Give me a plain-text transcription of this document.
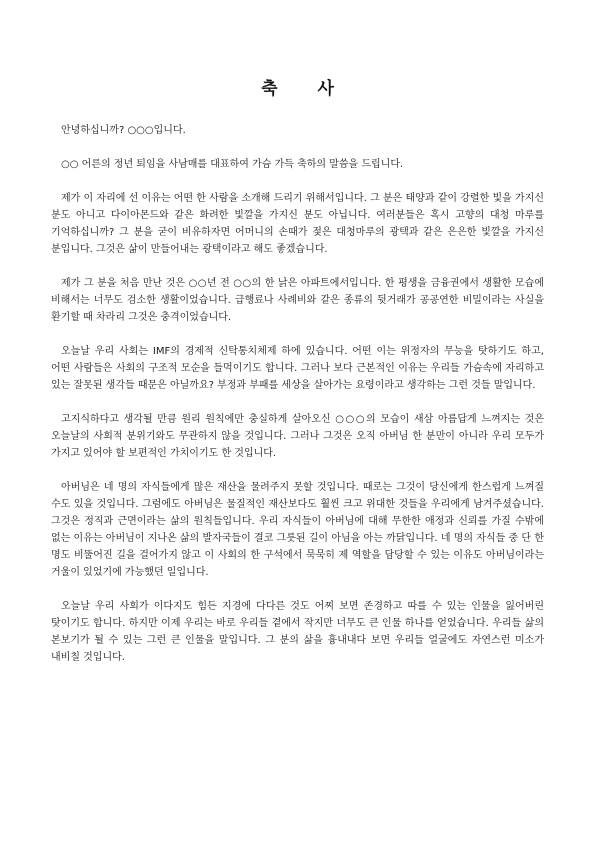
축 사

안녕하십니까? ○○○입니다.

○○ 어른의 정년 퇴임을 사남매를 대표하여 가슴 가득 축하의 말씀을 드립니다.

제가 이 자리에 선 이유는 어떤 한 사람을 소개해 드리기 위해서입니다. 그 분은 태양과 같이 강렬한 빛을 가지신 분도 아니고 다이아몬드와 같은 화려한 빛깔을 가지신 분도 아닙니다. 여러분들은 혹시 고향의 대청 마루를 기억하십니까? 그 분을 굳이 비유하자면 어머니의 손때가 젖은 대청마루의 광택과 같은 은은한 빛깔을 가지신 분입니다. 그것은 삶이 만들어내는 광택이라고 해도 좋겠습니다.

제가 그 분을 처음 만난 것은 ○○년 전 ○○의 한 낡은 아파트에서입니다. 한 평생을 금융권에서 생활한 모습에 비해서는 너무도 검소한 생활이었습니다. 급행료나 사례비와 같은 종류의 뒷거래가 공공연한 비밀이라는 사실을 환기할 때 차라리 그것은 충격이었습니다.

오늘날 우리 사회는 IMF의 경제적 신탁통치체제 하에 있습니다. 어떤 이는 위정자의 무능을 탓하기도 하고, 어떤 사람들은 사회의 구조적 모순을 들먹이기도 합니다. 그러나 보다 근본적인 이유는 우리들 가슴속에 자리하고 있는 잘못된 생각들 때문은 아닐까요? 부정과 부패를 세상을 살아가는 요령이라고 생각하는 그런 것들 말입니다.

고지식하다고 생각될 만큼 원리 원칙에만 충실하게 살아오신 ○○○의 모습이 새삼 아름답게 느껴지는 것은 오늘날의 사회적 분위기와도 무관하지 않을 것입니다. 그러나 그것은 오직 아버님 한 분만이 아니라 우리 모두가 가지고 있어야 할 보편적인 가치이기도 한 것입니다.

아버님은 네 명의 자식들에게 많은 재산을 물려주지 못할 것입니다. 때로는 그것이 당신에게 한스럽게 느껴질 수도 있을 것입니다. 그럼에도 아버님은 물질적인 재산보다도 훨씬 크고 위대한 것들을 우리에게 남겨주셨습니다. 그것은 정직과 근면이라는 삶의 원칙들입니다. 우리 자식들이 아버님에 대해 무한한 애정과 신뢰를 가질 수밖에 없는 이유는 아버님이 지나온 삶의 발자국들이 결코 그릇된 길이 아님을 아는 까닭입니다. 네 명의 자식들 중 단 한 명도 비뚤어진 길을 걸어가지 않고 이 사회의 한 구석에서 묵묵히 제 역할을 담당할 수 있는 이유도 아버님이라는 거울이 있었기에 가능했던 일입니다.

오늘날 우리 사회가 이다지도 힘든 지경에 다다른 것도 어찌 보면 존경하고 따를 수 있는 인물을 잃어버린 탓이기도 합니다. 하지만 이제 우리는 바로 우리들 곁에서 작지만 너무도 큰 인물 하나를 얻었습니다. 우리들 삶의 본보기가 될 수 있는 그런 큰 인물을 말입니다. 그 분의 삶을 흉내내다 보면 우리들 얼굴에도 자연스런 미소가 내비칠 것입니다.
